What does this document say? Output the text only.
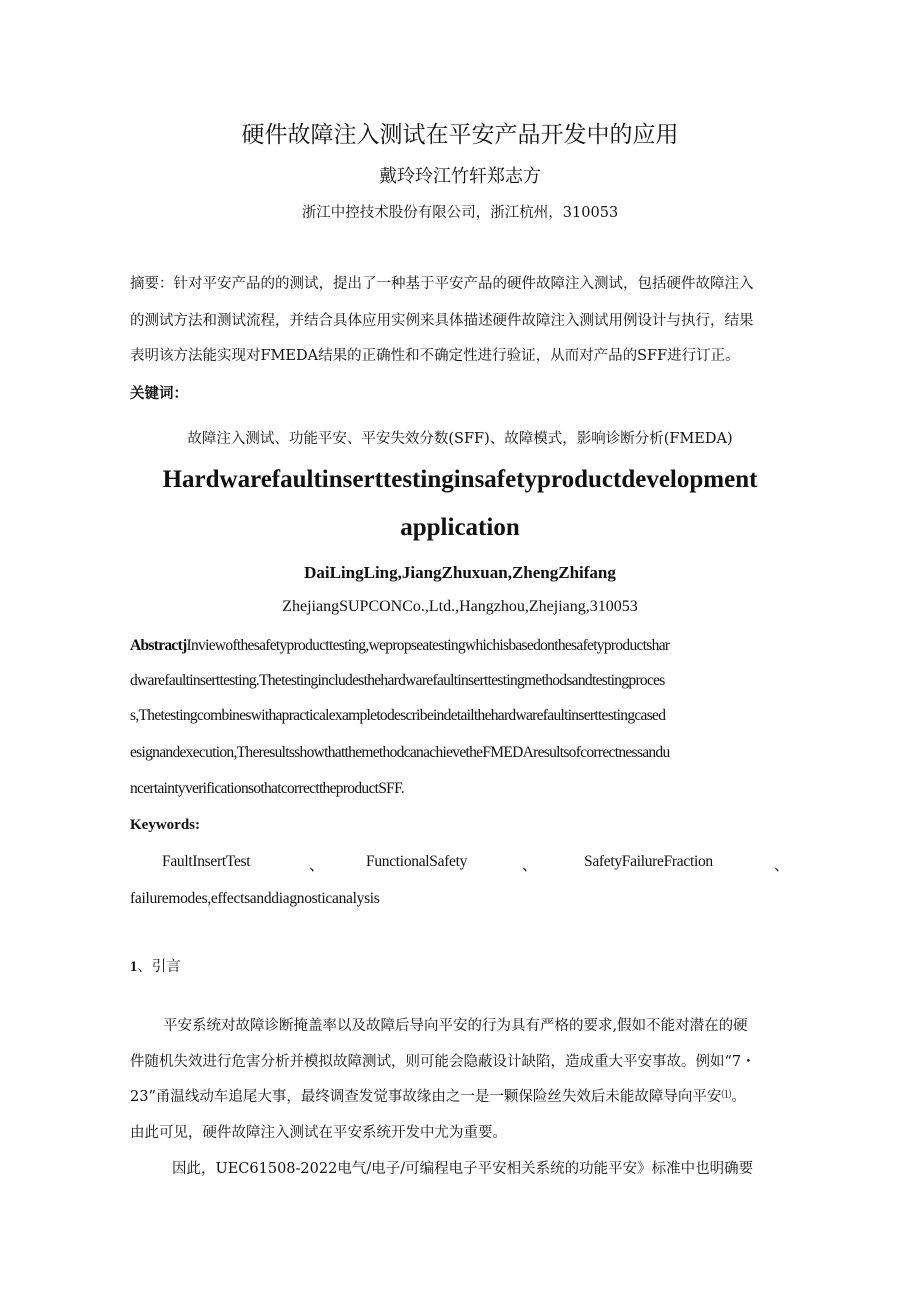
硬件故障注入测试在平安产品开发中的应用
戴玲玲江竹轩郑志方
浙江中控技术股份有限公司，浙江杭州，310053
摘要：针对平安产品的的测试，提出了一种基于平安产品的硬件故障注入测试，包括硬件故障注入
的测试方法和测试流程，并结合具体应用实例来具体描述硬件故障注入测试用例设计与执行，结果
表明该方法能实现对FMEDA结果的正确性和不确定性进行验证，从而对产品的SFF进行订正。
关键词：
故障注入测试、功能平安、平安失效分数(SFF)、故障模式，影响诊断分析(FMEDA)
Hardwarefaultinserttestinginsafetyproductdevelopment
application
DaiLingLing,JiangZhuxuan,ZhengZhifang
ZhejiangSUPCONCo.,Ltd.,Hangzhou,Zhejiang,310053
AbstractjInviewofthesafetyproducttesting,wepropseatestingwhichisbasedonthesafetyproductshar
dwarefaultinserttesting.Thetestingincludesthehardwarefaultinserttestingmethodsandtestingproces
s,Thetestingcombineswithapracticalexampletodescribeindetailthehardwarefaultinserttestingcased
esignandexecution,TheresultsshowthatthemethodcanachievetheFMEDAresultsofcorrectnessandu
ncertaintyverificationsothatcorrecttheproductSFF.
Keywords:
FaultInsertTest	、	FunctionalSafety	、	SafetyFailureFraction	、
failuremodes,effectsanddiagnosticanalysis
1、引言
平安系统对故障诊断掩盖率以及故障后导向平安的行为具有严格的要求,假如不能对潜在的硬
件随机失效进行危害分析并模拟故障测试，则可能会隐蔽设计缺陷，造成重大平安事故。例如“7・
23”甬温线动车追尾大事，最终调查发觉事故缘由之一是一颗保险丝失效后未能故障导向平安⑴。
由此可见，硬件故障注入测试在平安系统开发中尤为重要。
因此，UEC61508-2022电气/电子/可编程电子平安相关系统的功能平安》标准中也明确要
